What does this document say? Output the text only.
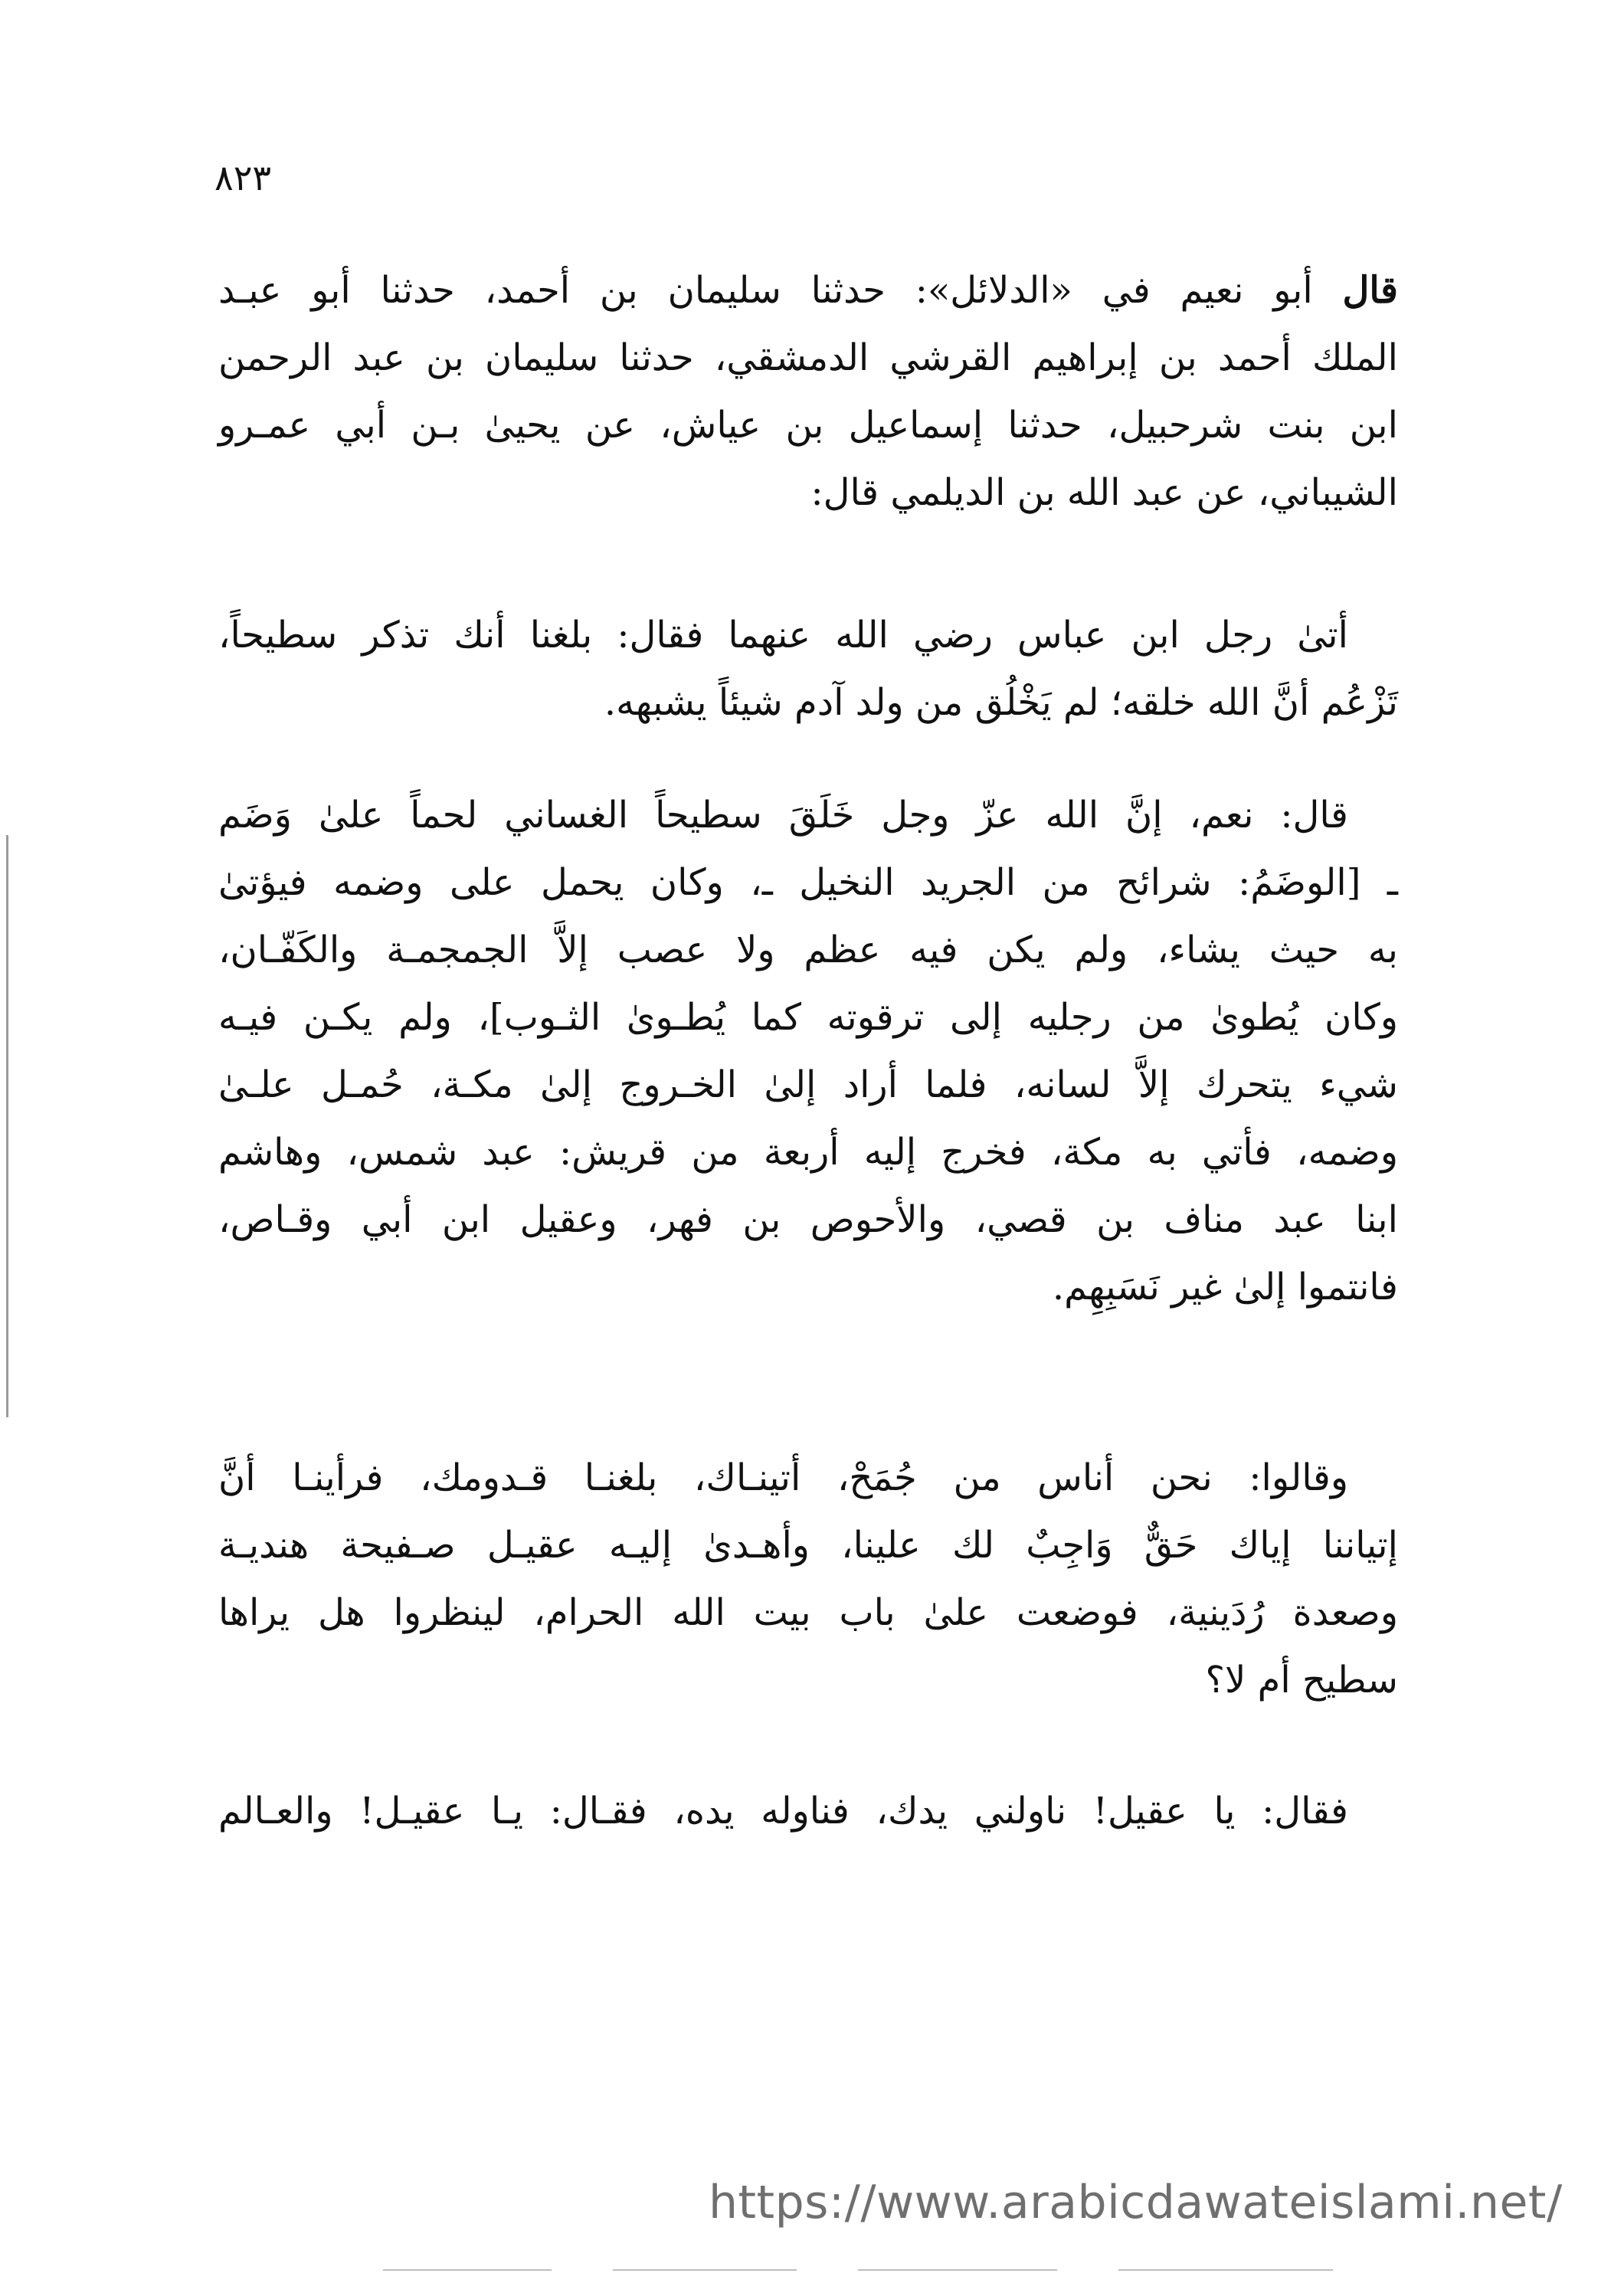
٨٢٣
قال أبو نعيم في «الدلائل»: حدثنا سليمان بن أحمد، حدثنا أبو عبـد
الملك أحمد بن إبراهيم القرشي الدمشقي، حدثنا سليمان بن عبد الرحمن
ابن بنت شرحبيل، حدثنا إسماعيل بن عياش، عن يحيىٰ بـن أبي عمـرو
الشيباني، عن عبد الله بن الديلمي قال:
أتىٰ رجل ابن عباس رضي الله عنهما فقال: بلغنا أنك تذكر سطيحاً،
تَزْعُم أنَّ الله خلقه؛ لم يَخْلُق من ولد آدم شيئاً يشبهه.
قال: نعم، إنَّ الله عزّ وجل خَلَقَ سطيحاً الغساني لحماً علىٰ وَضَم
ـ [الوضَمُ: شرائح من الجريد النخيل ـ، وكان يحمل على وضمه فيؤتىٰ
به حيث يشاء، ولم يكن فيه عظم ولا عصب إلاَّ الجمجمـة والكَفّـان،
وكان يُطوىٰ من رجليه إلى ترقوته كما يُطـوىٰ الثـوب]، ولم يكـن فيـه
شيء يتحرك إلاَّ لسانه، فلما أراد إلىٰ الخـروج إلىٰ مكـة، حُمـل علـىٰ
وضمه، فأتي به مكة، فخرج إليه أربعة من قريش: عبد شمس، وهاشم
ابنا عبد مناف بن قصي، والأحوص بن فهر، وعقيل ابن أبي وقـاص،
فانتموا إلىٰ غير نَسَبِهِم.
وقالوا: نحن أناس من جُمَحْ، أتينـاك، بلغنـا قـدومك، فرأينـا أنَّ
إتياننا إياك حَقٌّ وَاجِبٌ لك علينا، وأهـدىٰ إليـه عقيـل صـفيحة هنديـة
وصعدة رُدَينية، فوضعت علىٰ باب بيت الله الحرام، لينظروا هل يراها
سطيح أم لا؟
فقال: يا عقيل! ناولني يدك، فناوله يده، فقـال: يـا عقيـل! والعـالم
https://www.arabicdawateislami.net/
